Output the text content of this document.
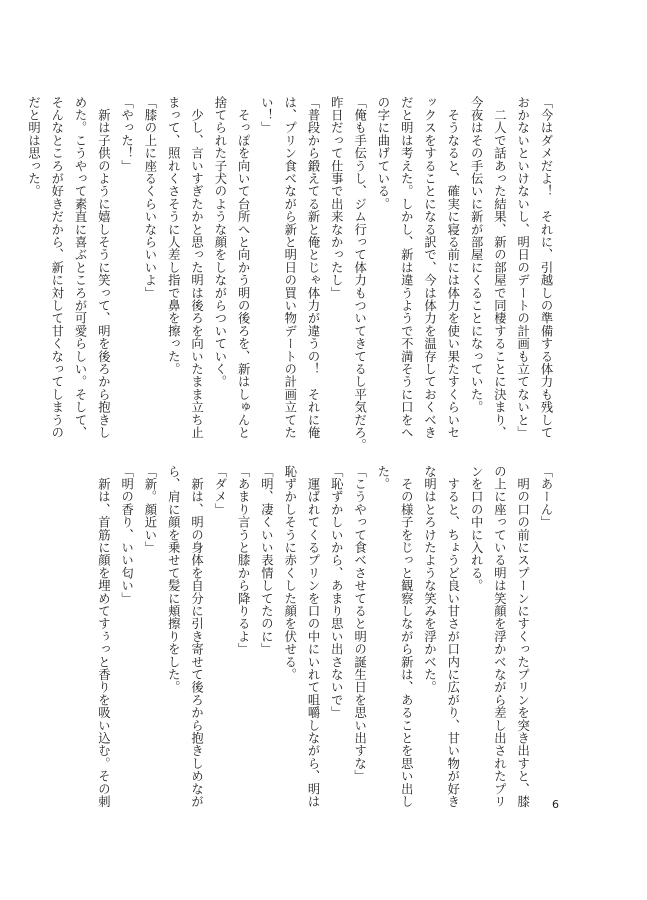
「今はダメだよ！　それに、引越しの準備する体力も残して
おかないといけないし、明日のデートの計画も立てないと」
　二人で話あった結果、新の部屋で同棲することに決まり、
今夜はその手伝いに新が部屋にくることになっていた。
　そうなると、確実に寝る前には体力を使い果たすくらいセ
ックスをすることになる訳で、今は体力を温存しておくべき
だと明は考えた。しかし、新は違うようで不満そうに口をへ
の字に曲げている。
「俺も手伝うし、ジム行って体力もついてきてるし平気だろ。
昨日だって仕事で出来なかったし」
「普段から鍛えてる新と俺とじゃ体力が違うの！　それに俺
は、プリン食べながら新と明日の買い物デートの計画立てた
い！」
　そっぽを向いて台所へと向かう明の後ろを、新はしゅんと
捨てられた子犬のような顔をしながらついていく。
　少し、言いすぎたかと思った明は後ろを向いたまま立ち止
まって、照れくさそうに人差し指で鼻を擦った。
「膝の上に座るくらいならいいよ」
「やった！」
　新は子供のように嬉しそうに笑って、明を後ろから抱きし
めた。こうやって素直に喜ぶところが可愛らしい。そして、
そんなところが好きだから、新に対して甘くなってしまうの
だと明は思った。
「あーん」
　明の口の前にスプーンにすくったプリンを突き出すと、膝
の上に座っている明は笑顔を浮かべながら差し出されたプリ
ンを口の中に入れる。
　すると、ちょうど良い甘さが口内に広がり、甘い物が好き
な明はとろけたような笑みを浮かべた。
　その様子をじっと観察しながら新は、あることを思い出し
た。
「こうやって食べさせてると明の誕生日を思い出すな」
「恥ずかしいから、あまり思い出さないで」
　運ばれてくるプリンを口の中にいれて咀嚼しながら、明は
恥ずかしそうに赤くした顔を伏せる。
「明、凄くいい表情してたのに」
「あまり言うと膝から降りるよ」
「ダメ」
　新は、明の身体を自分に引き寄せて後ろから抱きしめなが
ら、肩に顔を乗せて髪に頬擦りをした。
「新。顔近い」
「明の香り、いい匂い」
　新は、首筋に顔を埋めてすぅっと香りを吸い込む。その刺	6
